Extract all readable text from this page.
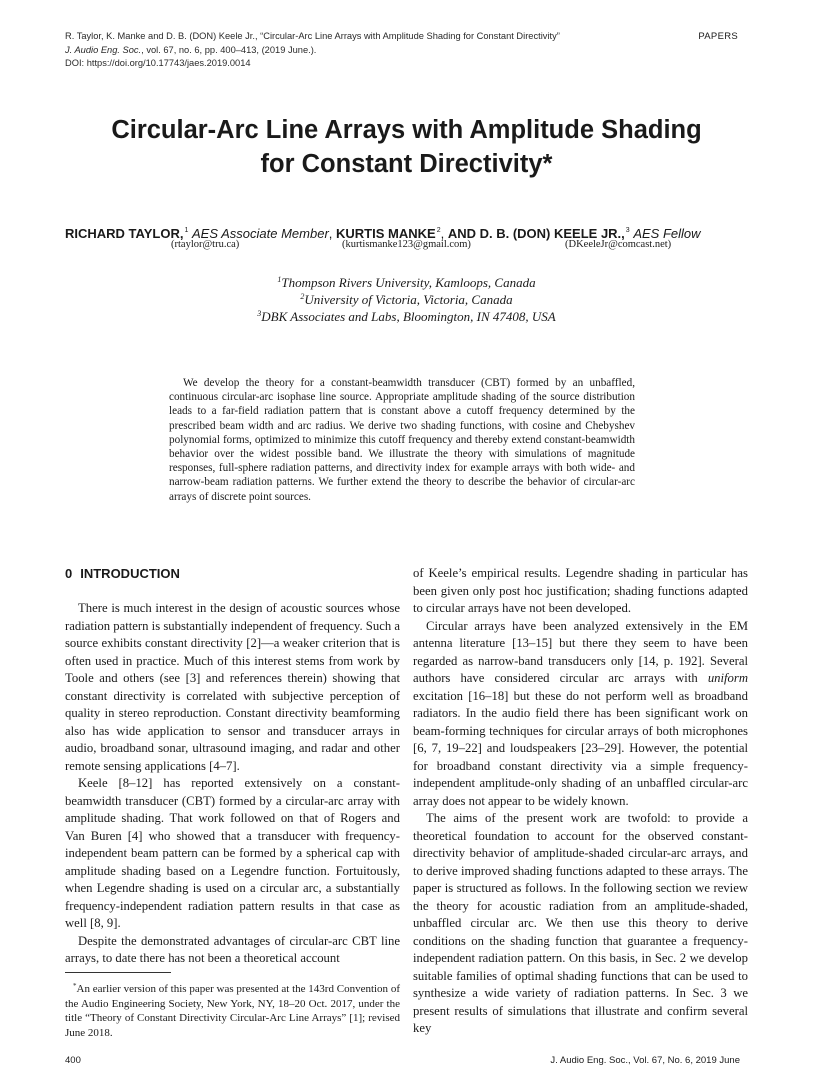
R. Taylor, K. Manke and D. B. (DON) Keele Jr., “Circular-Arc Line Arrays with Amplitude Shading for Constant Directivity”
J. Audio Eng. Soc., vol. 67, no. 6, pp. 400–413, (2019 June.).
DOI: https://doi.org/10.17743/jaes.2019.0014
PAPERS
Circular-Arc Line Arrays with Amplitude Shading
for Constant Directivity*
RICHARD TAYLOR,$^1$ AES Associate Member, KURTIS MANKE$^2$, AND D. B. (DON) KEELE JR.,$^3$ AES Fellow
(rtaylor@tru.ca)	(kurtismanke123@gmail.com)	(DKeeleJr@comcast.net)
$^1$Thompson Rivers University, Kamloops, Canada
$^2$University of Victoria, Victoria, Canada
$^3$DBK Associates and Labs, Bloomington, IN 47408, USA
We develop the theory for a constant-beamwidth transducer (CBT) formed by an unbaffled, continuous circular-arc isophase line source. Appropriate amplitude shading of the source distribution leads to a far-field radiation pattern that is constant above a cutoff frequency determined by the prescribed beam width and arc radius. We derive two shading functions, with cosine and Chebyshev polynomial forms, optimized to minimize this cutoff frequency and thereby extend constant-beamwidth behavior over the widest possible band. We illustrate the theory with simulations of magnitude responses, full-sphere radiation patterns, and directivity index for example arrays with both wide- and narrow-beam radiation patterns. We further extend the theory to describe the behavior of circular-arc arrays of discrete point sources.
0 INTRODUCTION

There is much interest in the design of acoustic sources whose radiation pattern is substantially independent of frequency. Such a source exhibits constant directivity [2]—a weaker criterion that is often used in practice. Much of this interest stems from work by Toole and others (see [3] and references therein) showing that constant directivity is correlated with subjective perception of quality in stereo reproduction. Constant directivity beamforming also has wide application to sensor and transducer arrays in audio, broadband sonar, ultrasound imaging, and radar and other remote sensing applications [4–7].

Keele [8–12] has reported extensively on a constant-beamwidth transducer (CBT) formed by a circular-arc array with amplitude shading. That work followed on that of Rogers and Van Buren [4] who showed that a transducer with frequency-independent beam pattern can be formed by a spherical cap with amplitude shading based on a Legendre function. Fortuitously, when Legendre shading is used on a circular arc, a substantially frequency-independent radiation pattern results in that case as well [8, 9].

Despite the demonstrated advantages of circular-arc CBT line arrays, to date there has not been a theoretical account

*An earlier version of this paper was presented at the 143rd Convention of the Audio Engineering Society, New York, NY, 18–20 Oct. 2017, under the title “Theory of Constant Directivity Circular-Arc Line Arrays” [1]; revised June 2018.

of Keele’s empirical results. Legendre shading in particular has been given only post hoc justification; shading functions adapted to circular arrays have not been developed.

Circular arrays have been analyzed extensively in the EM antenna literature [13–15] but there they seem to have been regarded as narrow-band transducers only [14, p. 192]. Several authors have considered circular arc arrays with uniform excitation [16–18] but these do not perform well as broadband radiators. In the audio field there has been significant work on beam-forming techniques for circular arrays of both microphones [6, 7, 19–22] and loudspeakers [23–29]. However, the potential for broadband constant directivity via a simple frequency-independent amplitude-only shading of an unbaffled circular-arc array does not appear to be widely known.

The aims of the present work are twofold: to provide a theoretical foundation to account for the observed constant-directivity behavior of amplitude-shaded circular-arc arrays, and to derive improved shading functions adapted to these arrays. The paper is structured as follows. In the following section we review the theory for acoustic radiation from an amplitude-shaded, unbaffled circular arc. We then use this theory to derive conditions on the shading function that guarantee a frequency-independent radiation pattern. On this basis, in Sec. 2 we develop suitable families of optimal shading functions that can be used to synthesize a wide variety of radiation patterns. In Sec. 3 we present results of simulations that illustrate and confirm several key

400	J. Audio Eng. Soc., Vol. 67, No. 6, 2019 June
